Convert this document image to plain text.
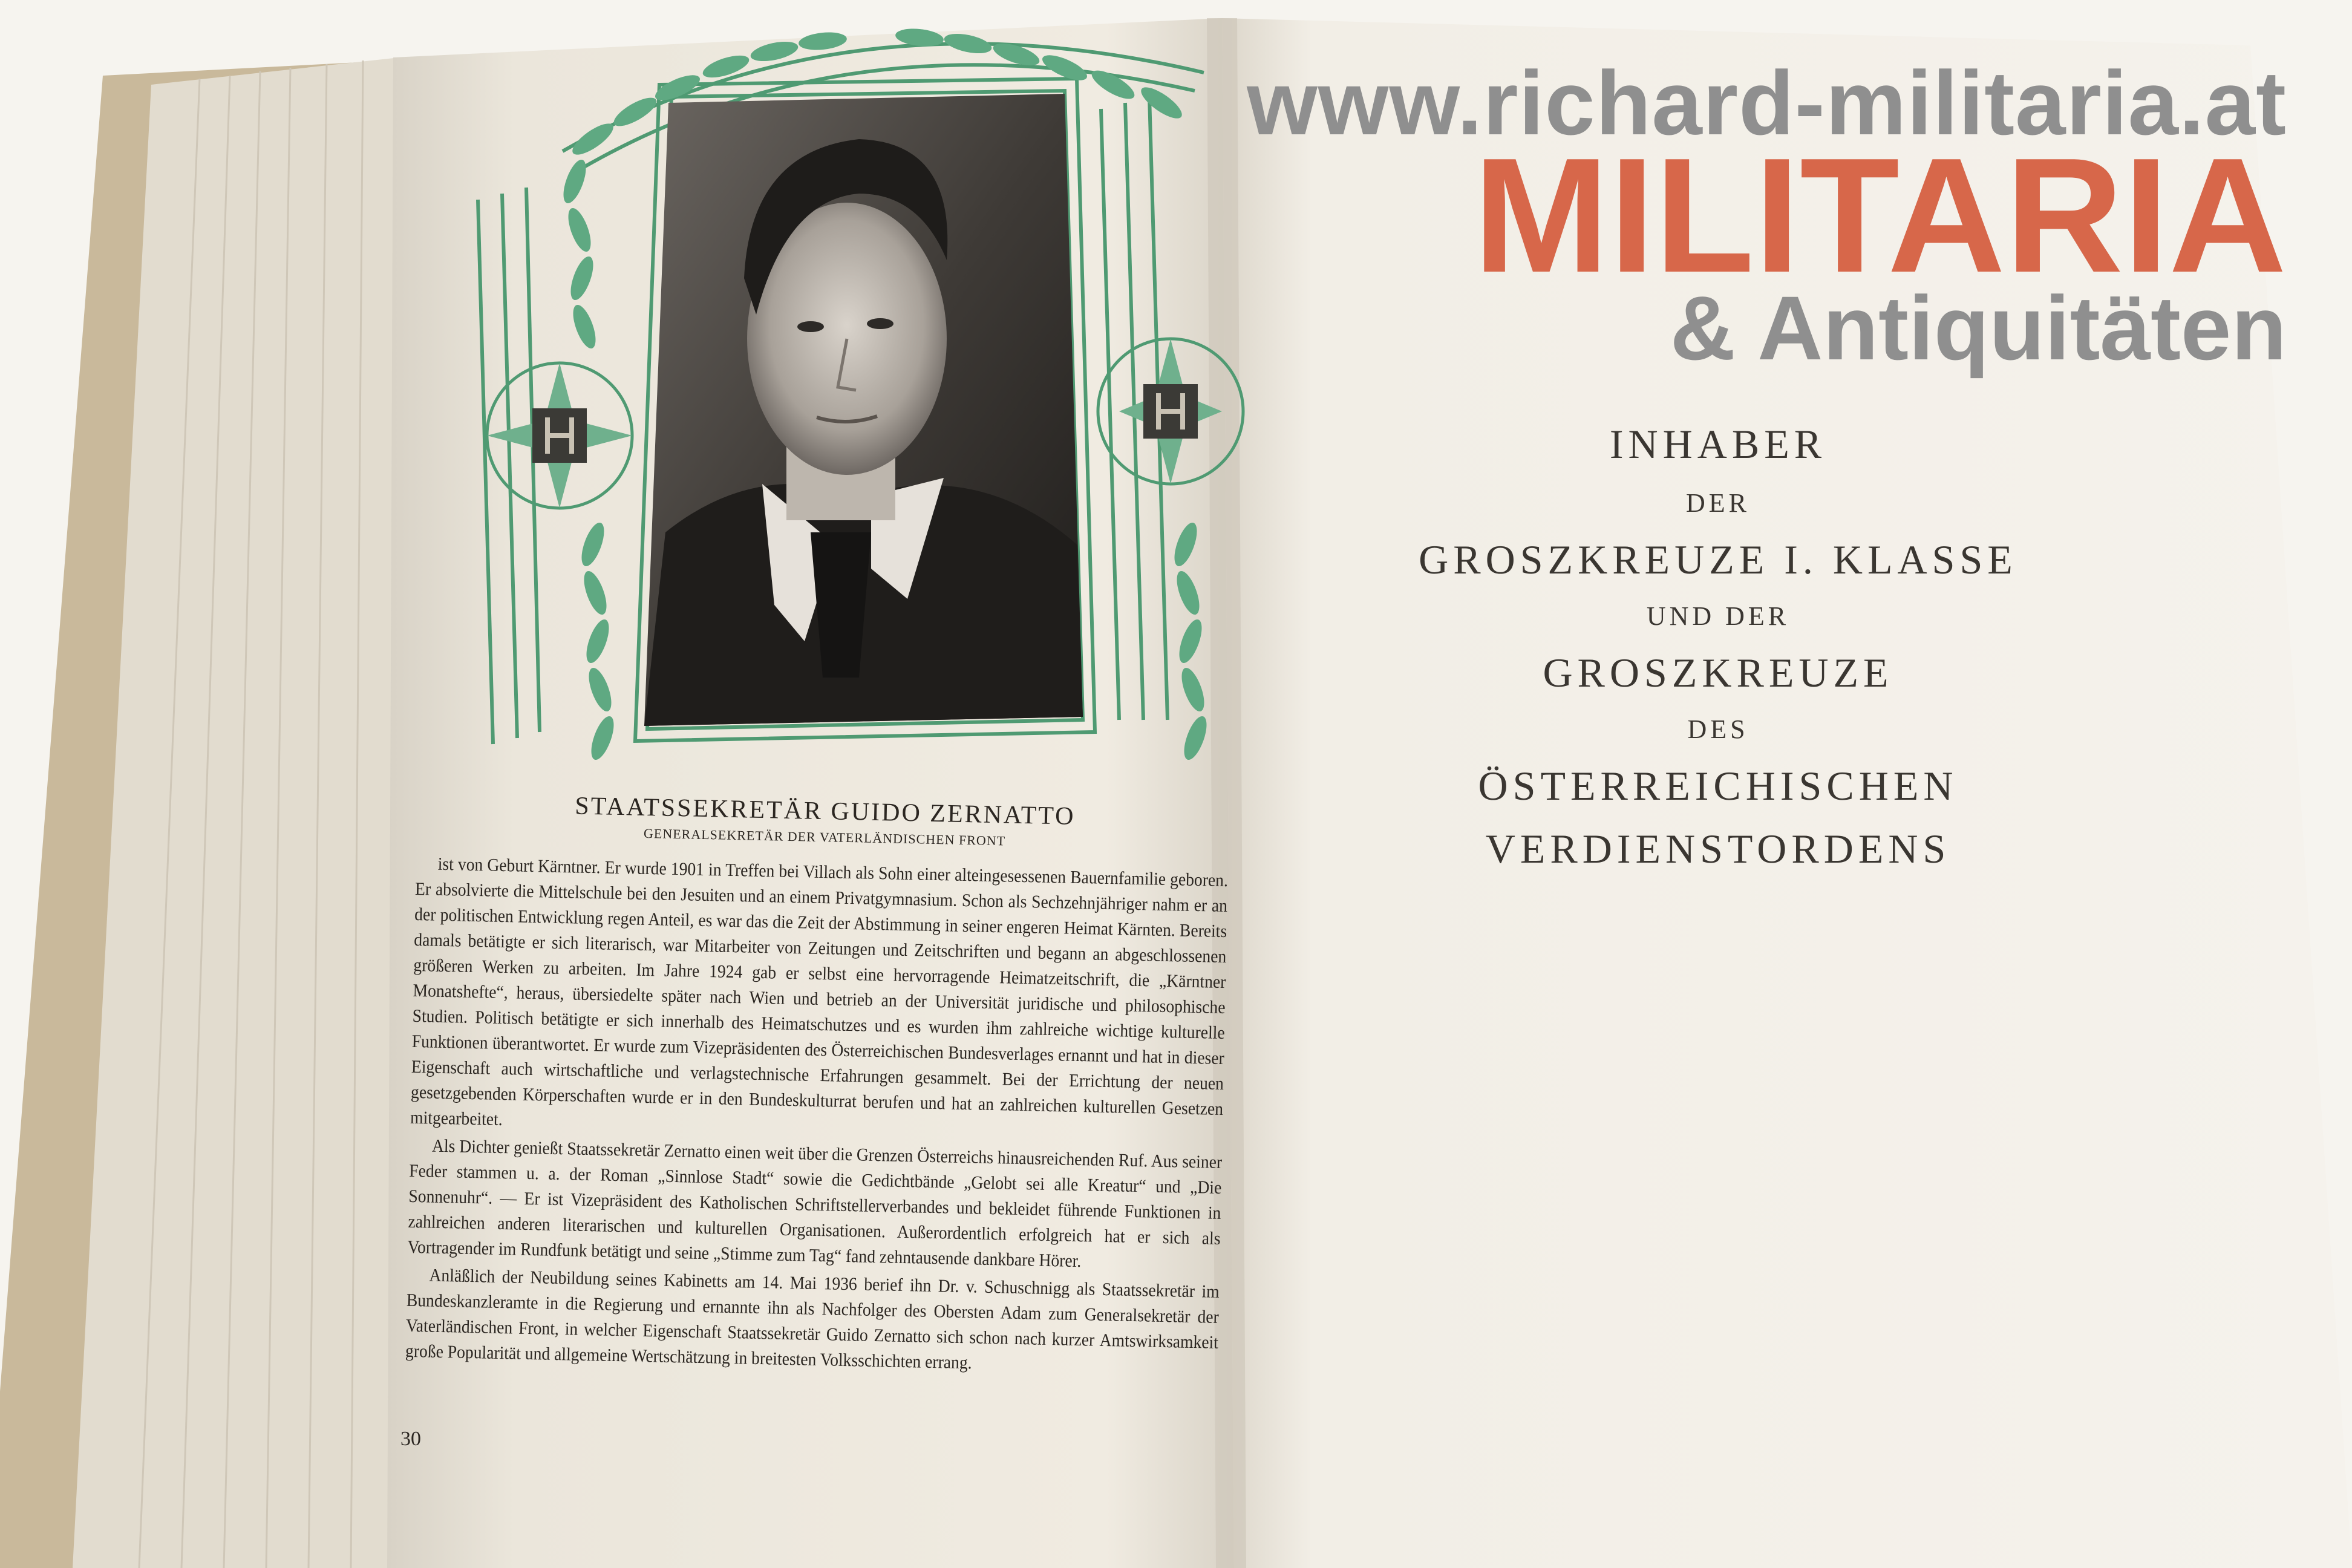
STAATSSEKRETÄR GUIDO ZERNATTO
GENERALSEKRETÄR DER VATERLÄNDISCHEN FRONT

ist von Geburt Kärntner. Er wurde 1901 in Treffen bei Villach als Sohn einer alteingesessenen Bauernfamilie geboren. Er absolvierte die Mittelschule bei den Jesuiten und an einem Privatgymnasium. Schon als Sechzehnjähriger nahm er an der politischen Entwicklung regen Anteil, es war das die Zeit der Abstimmung in seiner engeren Heimat Kärnten. Bereits damals betätigte er sich literarisch, war Mitarbeiter von Zeitungen und Zeitschriften und begann an abgeschlossenen größeren Werken zu arbeiten. Im Jahre 1924 gab er selbst eine hervorragende Heimatzeitschrift, die „Kärntner Monatshefte“, heraus, übersiedelte später nach Wien und betrieb an der Universität juridische und philosophische Studien. Politisch betätigte er sich innerhalb des Heimatschutzes und es wurden ihm zahlreiche wichtige kulturelle Funktionen überantwortet. Er wurde zum Vizepräsidenten des Österreichischen Bundesverlages ernannt und hat in dieser Eigenschaft auch wirtschaftliche und verlagstechnische Erfahrungen gesammelt. Bei der Errichtung der neuen gesetzgebenden Körperschaften wurde er in den Bundeskulturrat berufen und hat an zahlreichen kulturellen Gesetzen mitgearbeitet.

Als Dichter genießt Staatssekretär Zernatto einen weit über die Grenzen Österreichs hinausreichenden Ruf. Aus seiner Feder stammen u. a. der Roman „Sinnlose Stadt“ sowie die Gedichtbände „Gelobt sei alle Kreatur“ und „Die Sonnenuhr“. — Er ist Vizepräsident des Katholischen Schriftstellerverbandes und bekleidet führende Funktionen in zahlreichen anderen literarischen und kulturellen Organisationen. Außerordentlich erfolgreich hat er sich als Vortragender im Rundfunk betätigt und seine „Stimme zum Tag“ fand zehntausende dankbare Hörer.

Anläßlich der Neubildung seines Kabinetts am 14. Mai 1936 berief ihn Dr. v. Schuschnigg als Staatssekretär im Bundeskanzleramte in die Regierung und ernannte ihn als Nachfolger des Obersten Adam zum Generalsekretär der Vaterländischen Front, in welcher Eigenschaft Staatssekretär Guido Zernatto sich schon nach kurzer Amtswirksamkeit große Popularität und allgemeine Wertschätzung in breitesten Volksschichten errang.

30

INHABER

DER

GROSZKREUZE I. KLASSE

UND DER

GROSZKREUZE

DES

ÖSTERREICHISCHEN

VERDIENSTORDENS

www.richard-militaria.at
MILITARIA
& Antiquitäten
